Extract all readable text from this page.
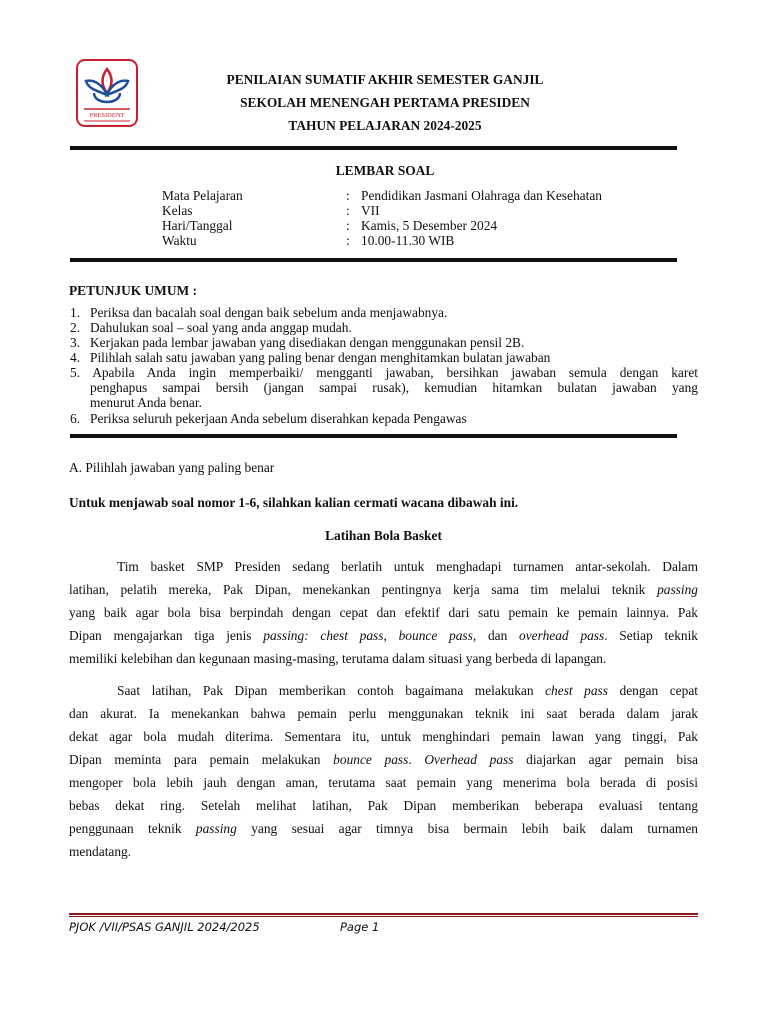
PRESIDENT
PENILAIAN SUMATIF AKHIR SEMESTER GANJIL
SEKOLAH MENENGAH PERTAMA PRESIDEN
TAHUN PELAJARAN 2024-2025
LEMBAR SOAL
Mata Pelajaran	: Pendidikan Jasmani Olahraga dan Kesehatan
Kelas	: VII
Hari/Tanggal	: Kamis, 5 Desember 2024
Waktu	: 10.00-11.30 WIB
PETUNJUK UMUM :
1. Periksa dan bacalah soal dengan baik sebelum anda menjawabnya.
2. Dahulukan soal – soal yang anda anggap mudah.
3. Kerjakan pada lembar jawaban yang disediakan dengan menggunakan pensil 2B.
4. Pilihlah salah satu jawaban yang paling benar dengan menghitamkan bulatan jawaban
5. Apabila Anda ingin memperbaiki/ mengganti jawaban, bersihkan jawaban semula dengan karet
penghapus sampai bersih (jangan sampai rusak), kemudian hitamkan bulatan jawaban yang
menurut Anda benar.
6. Periksa seluruh pekerjaan Anda sebelum diserahkan kepada Pengawas
A. Pilihlah jawaban yang paling benar
Untuk menjawab soal nomor 1-6, silahkan kalian cermati wacana dibawah ini.
Latihan Bola Basket
Tim basket SMP Presiden sedang berlatih untuk menghadapi turnamen antar-sekolah. Dalam
latihan, pelatih mereka, Pak Dipan, menekankan pentingnya kerja sama tim melalui teknik passing
yang baik agar bola bisa berpindah dengan cepat dan efektif dari satu pemain ke pemain lainnya. Pak
Dipan mengajarkan tiga jenis passing: chest pass, bounce pass, dan overhead pass. Setiap teknik
memiliki kelebihan dan kegunaan masing-masing, terutama dalam situasi yang berbeda di lapangan.
Saat latihan, Pak Dipan memberikan contoh bagaimana melakukan chest pass dengan cepat
dan akurat. Ia menekankan bahwa pemain perlu menggunakan teknik ini saat berada dalam jarak
dekat agar bola mudah diterima. Sementara itu, untuk menghindari pemain lawan yang tinggi, Pak
Dipan meminta para pemain melakukan bounce pass. Overhead pass diajarkan agar pemain bisa
mengoper bola lebih jauh dengan aman, terutama saat pemain yang menerima bola berada di posisi
bebas dekat ring. Setelah melihat latihan, Pak Dipan memberikan beberapa evaluasi tentang
penggunaan teknik passing yang sesuai agar timnya bisa bermain lebih baik dalam turnamen
mendatang.
PJOK /VII/PSAS GANJIL 2024/2025	Page 1
